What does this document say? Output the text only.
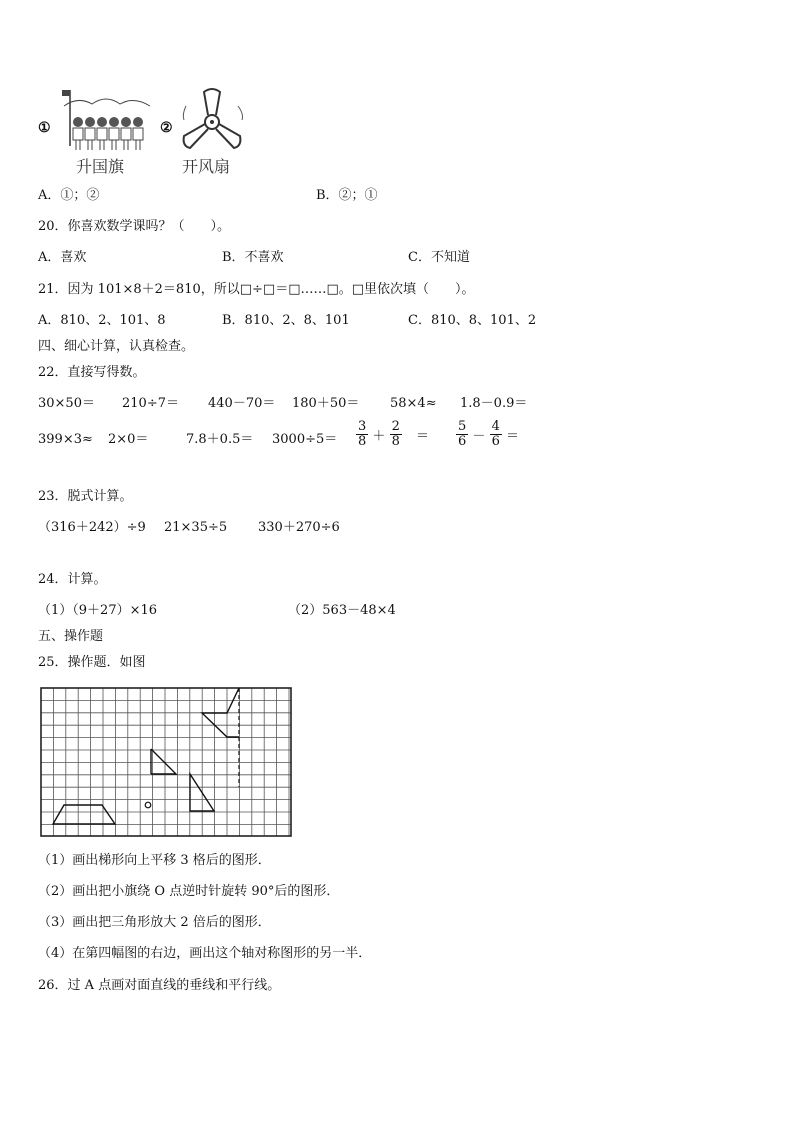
①
升国旗
②
开风扇
A．①；②	B．②；①
20．你喜欢数学课吗？（　　）。
A．喜欢	B．不喜欢	C．不知道
21．因为 101×8＋2＝810，所以□÷□＝□……□。□里依次填（　　）。
A．810、2、101、8	B．810、2、8、101	C．810、8、101、2
四、细心计算，认真检查。
22．直接写得数。
30×50＝ 210÷7＝ 440－70＝ 180＋50＝ 58×4≈ 1.8－0.9＝
399×3≈ 2×0＝	$7.8+0.5= 3000\div 5= \frac{3}{8} + \frac{2}{8} = \frac{5}{6} - \frac{4}{6}$ ＝
23．脱式计算。
（316＋242）÷9 21×35÷5 330＋270÷6
24．计算。
（1）（9＋27）×16	（2）563－48×4
五、操作题
25．操作题．如图
（1）画出梯形向上平移 3 格后的图形．
（2）画出把小旗绕 O 点逆时针旋转 90°后的图形．
（3）画出把三角形放大 2 倍后的图形．
（4）在第四幅图的右边，画出这个轴对称图形的另一半．
26．过 A 点画对面直线的垂线和平行线。
